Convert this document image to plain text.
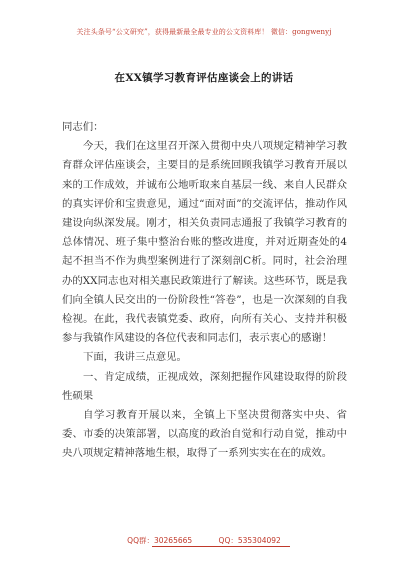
关注头条号“公文研究”，获得最新最全最专业的公文资料库！ 微信：gongwenyj
在XX镇学习教育评估座谈会上的讲话

同志们：

今天，我们在这里召开深入贯彻中央八项规定精神学习教育群众评估座谈会，主要目的是系统回顾我镇学习教育开展以来的工作成效，并诚布公地听取来自基层一线、来自人民群众的真实评价和宝贵意见，通过“面对面”的交流评估，推动作风建设向纵深发展。刚才，相关负责同志通报了我镇学习教育的总体情况、班子集中整治台账的整改进度，并对近期查处的4起不担当不作为典型案例进行了深刻剖C析。同时，社会治理办的XX同志也对相关惠民政策进行了解读。这些环节，既是我们向全镇人民交出的一份阶段性“答卷”，也是一次深刻的自我检视。在此，我代表镇党委、政府，向所有关心、支持并积极参与我镇作风建设的各位代表和同志们，表示衷心的感谢！

下面，我讲三点意见。

一、肯定成绩，正视成效，深刻把握作风建设取得的阶段性硕果

自学习教育开展以来，全镇上下坚决贯彻落实中央、省委、市委的决策部署，以高度的政治自觉和行动自觉，推动中央八项规定精神落地生根，取得了一系列实实在在的成效。

QQ群：30265665	QQ：535304092
